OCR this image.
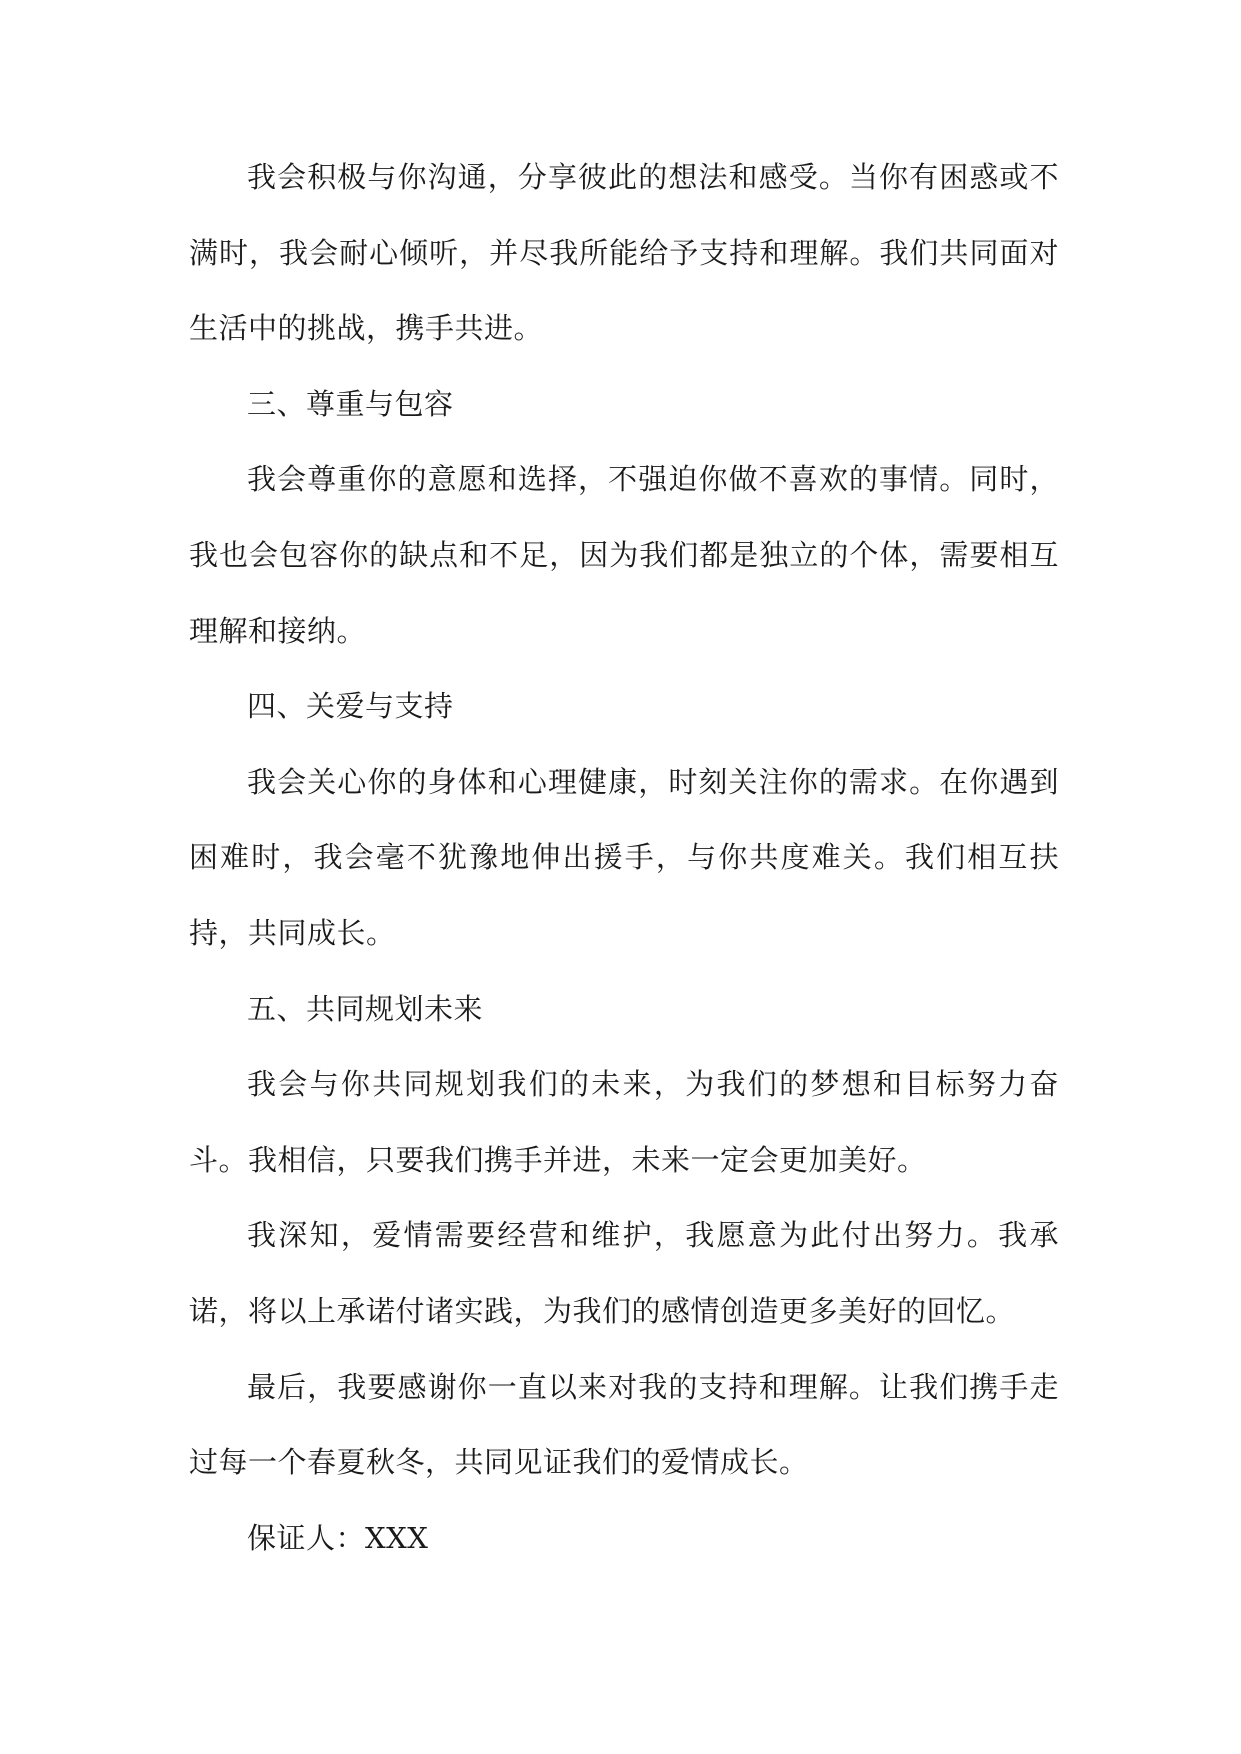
我会积极与你沟通，分享彼此的想法和感受。当你有困惑或不满时，我会耐心倾听，并尽我所能给予支持和理解。我们共同面对生活中的挑战，携手共进。

三、尊重与包容

我会尊重你的意愿和选择，不强迫你做不喜欢的事情。同时，我也会包容你的缺点和不足，因为我们都是独立的个体，需要相互理解和接纳。

四、关爱与支持

我会关心你的身体和心理健康，时刻关注你的需求。在你遇到困难时，我会毫不犹豫地伸出援手，与你共度难关。我们相互扶持，共同成长。

五、共同规划未来

我会与你共同规划我们的未来，为我们的梦想和目标努力奋斗。我相信，只要我们携手并进，未来一定会更加美好。

我深知，爱情需要经营和维护，我愿意为此付出努力。我承诺，将以上承诺付诸实践，为我们的感情创造更多美好的回忆。

最后，我要感谢你一直以来对我的支持和理解。让我们携手走过每一个春夏秋冬，共同见证我们的爱情成长。

保证人：XXX
